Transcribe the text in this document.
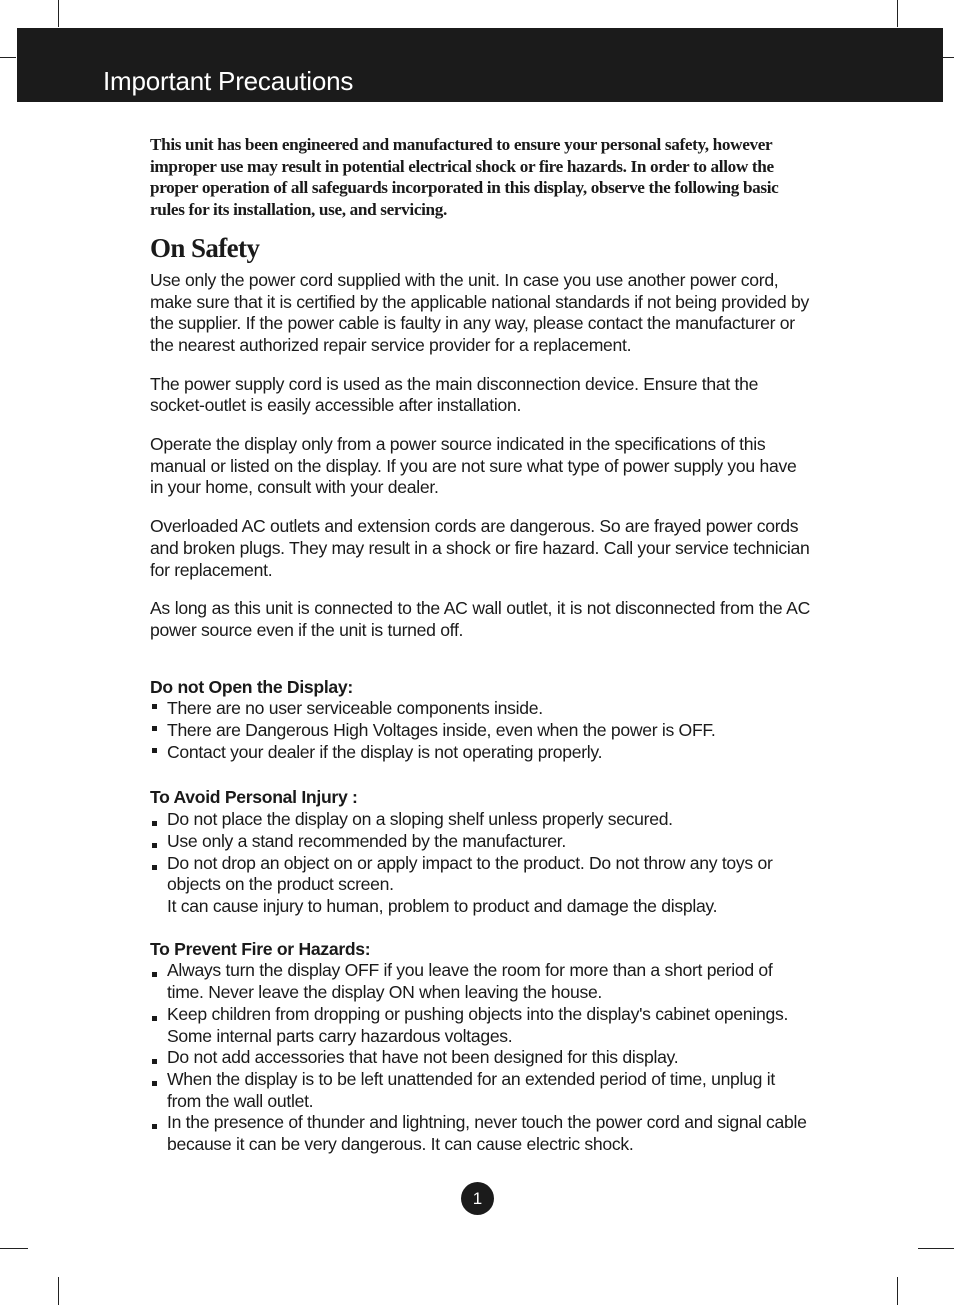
Important Precautions

This unit has been engineered and manufactured to ensure your personal safety, however improper use may result in potential electrical shock or fire hazards. In order to allow the proper operation of all safeguards incorporated in this display, observe the following basic rules for its installation, use, and servicing.

On Safety

Use only the power cord supplied with the unit. In case you use another power cord, make sure that it is certified by the applicable national standards if not being provided by the supplier. If the power cable is faulty in any way, please contact the manufacturer or the nearest authorized repair service provider for a replacement.

The power supply cord is used as the main disconnection device. Ensure that the socket-outlet is easily accessible after installation.

Operate the display only from a power source indicated in the specifications of this manual or listed on the display. If you are not sure what type of power supply you have in your home, consult with your dealer.

Overloaded AC outlets and extension cords are dangerous. So are frayed power cords and broken plugs. They may result in a shock or fire hazard. Call your service technician for replacement.

As long as this unit is connected to the AC wall outlet, it is not disconnected from the AC power source even if the unit is turned off.

Do not Open the Display:

There are no user serviceable components inside.
There are Dangerous High Voltages inside, even when the power is OFF.
Contact your dealer if the display is not operating properly.

To Avoid Personal Injury :

Do not place the display on a sloping shelf unless properly secured.
Use only a stand recommended by the manufacturer.
Do not drop an object on or apply impact to the product. Do not throw any toys or objects on the product screen.
It can cause injury to human, problem to product and damage the display.

To Prevent Fire or Hazards:

Always turn the display OFF if you leave the room for more than a short period of time. Never leave the display ON when leaving the house.
Keep children from dropping or pushing objects into the display's cabinet openings. Some internal parts carry hazardous voltages.
Do not add accessories that have not been designed for this display.
When the display is to be left unattended for an extended period of time, unplug it from the wall outlet.
In the presence of thunder and lightning, never touch the power cord and signal cable because it can be very dangerous. It can cause electric shock.
1
